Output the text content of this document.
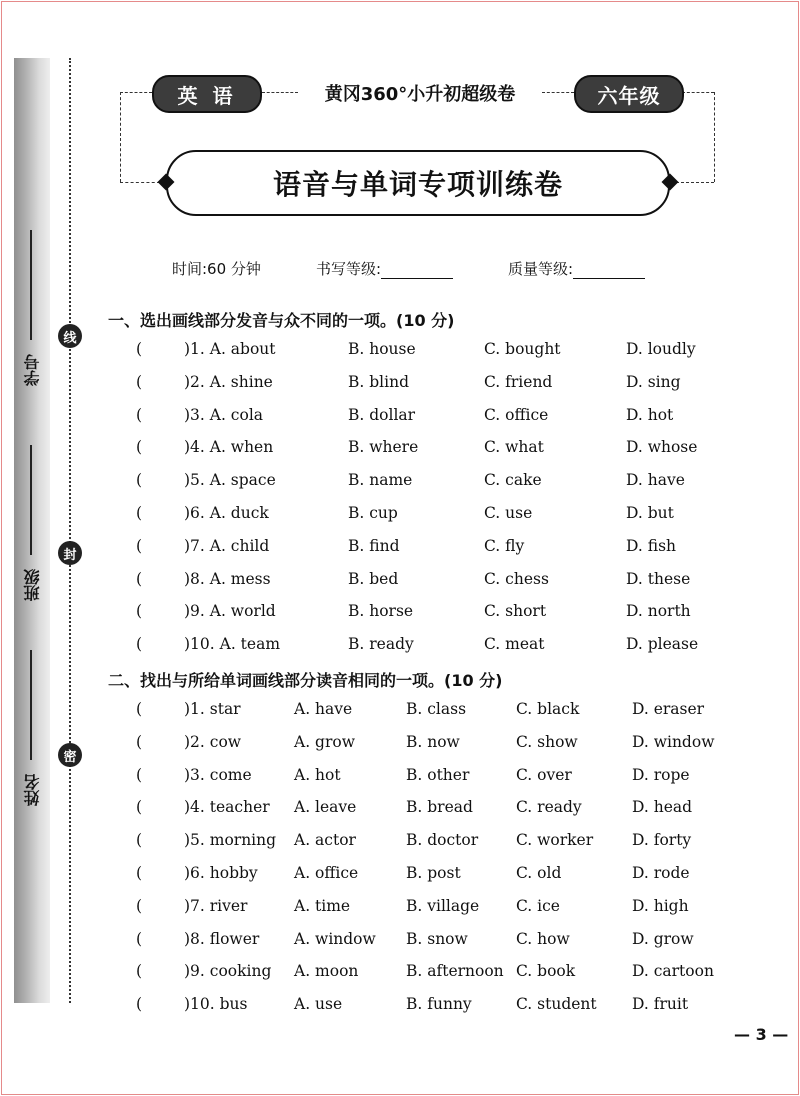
学号
班级
姓名
线
封
密
英 语	黄冈360°小升初超级卷	六年级
语音与单词专项训练卷
时间:60 分钟	书写等级:	质量等级:
一、选出画线部分发音与众不同的一项。(10 分)
(	)1. A. about	B. house	C. bought	D. loudly
(	)2. A. shine	B. blind	C. friend	D. sing
(	)3. A. cola	B. dollar	C. office	D. hot
(	)4. A. when	B. where	C. what	D. whose
(	)5. A. space	B. name	C. cake	D. have
(	)6. A. duck	B. cup	C. use	D. but
(	)7. A. child	B. find	C. fly	D. fish
(	)8. A. mess	B. bed	C. chess	D. these
(	)9. A. world	B. horse	C. short	D. north
(	)10. A. team	B. ready	C. meat	D. please
二、找出与所给单词画线部分读音相同的一项。(10 分)
(	)1. star	A. have	B. class	C. black	D. eraser
(	)2. cow	A. grow	B. now	C. show	D. window
(	)3. come	A. hot	B. other	C. over	D. rope
(	)4. teacher A. leave	B. bread	C. ready	D. head
(	)5. morning A. actor	B. doctor C. worker	D. forty
(	)6. hobby A. office	B. post	C. old	D. rode
(	)7. river	A. time	B. village C. ice	D. high
(	)8. flower A. window B. snow	C. how	D. grow
(	)9. cooking A. moon	B. afternoon C. book	D. cartoon
(	)10. bus	A. use	B. funny	C. student D. fruit
— 3 —
